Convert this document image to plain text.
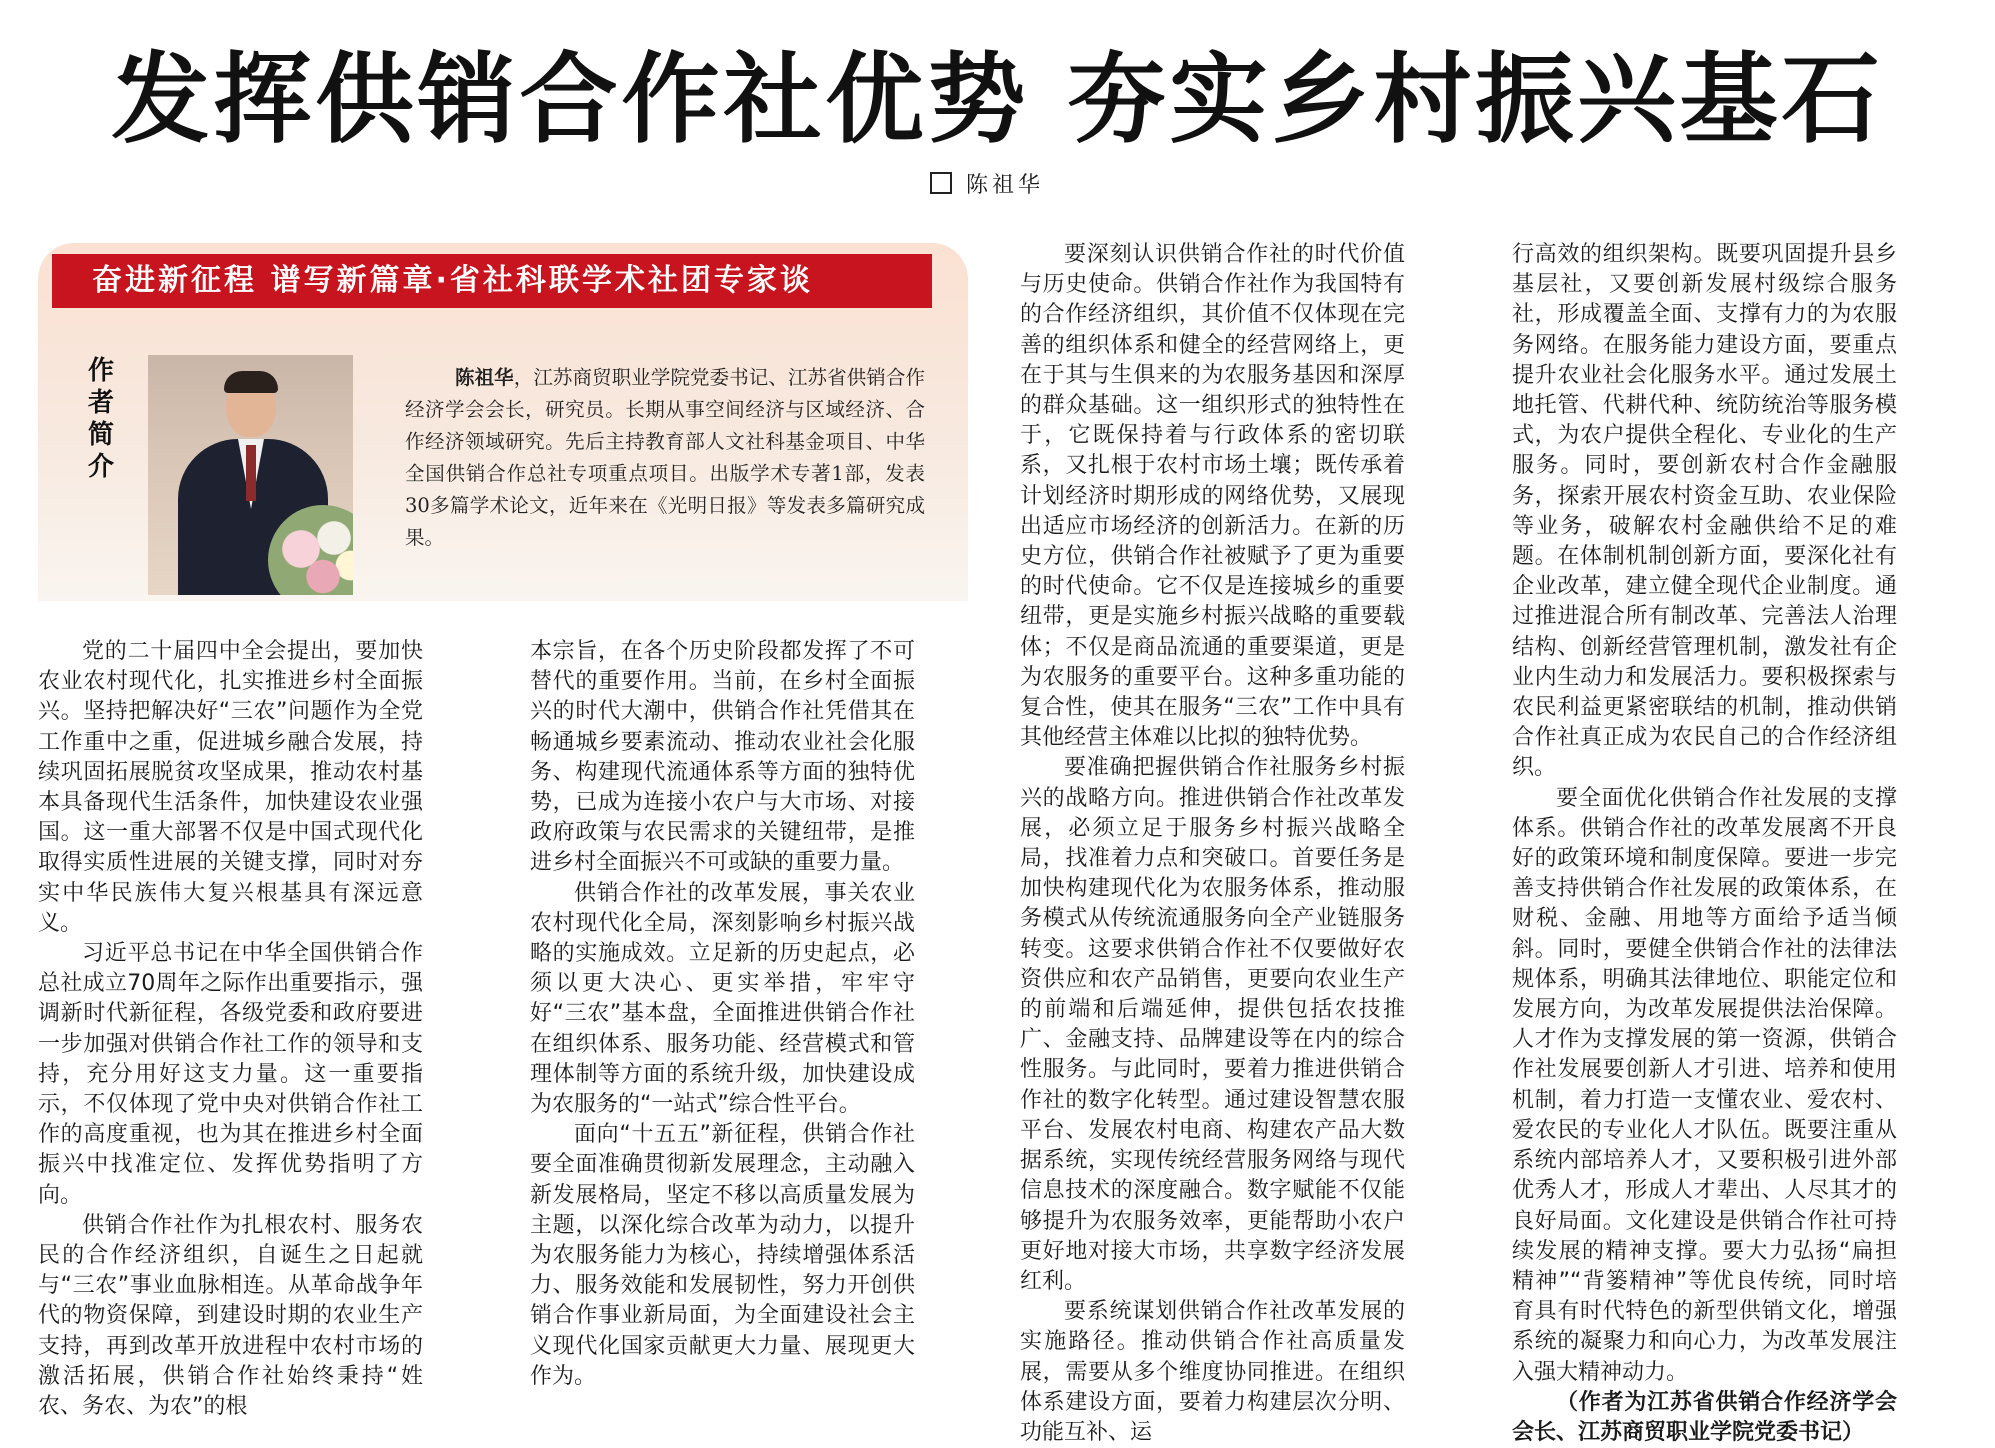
发挥供销合作社优势 夯实乡村振兴基石
陈祖华
奋进新征程 谱写新篇章·省社科联学术社团专家谈
作者简介
陈祖华，江苏商贸职业学院党委书记、江苏省供销合作经济学会会长，研究员。长期从事空间经济与区域经济、合作经济领域研究。先后主持教育部人文社科基金项目、中华全国供销合作总社专项重点项目。出版学术专著1部，发表30多篇学术论文，近年来在《光明日报》等发表多篇研究成果。

党的二十届四中全会提出，要加快农业农村现代化，扎实推进乡村全面振兴。坚持把解决好“三农”问题作为全党工作重中之重，促进城乡融合发展，持续巩固拓展脱贫攻坚成果，推动农村基本具备现代生活条件，加快建设农业强国。这一重大部署不仅是中国式现代化取得实质性进展的关键支撑，同时对夯实中华民族伟大复兴根基具有深远意义。

习近平总书记在中华全国供销合作总社成立70周年之际作出重要指示，强调新时代新征程，各级党委和政府要进一步加强对供销合作社工作的领导和支持，充分用好这支力量。这一重要指示，不仅体现了党中央对供销合作社工作的高度重视，也为其在推进乡村全面振兴中找准定位、发挥优势指明了方向。

供销合作社作为扎根农村、服务农民的合作经济组织，自诞生之日起就与“三农”事业血脉相连。从革命战争年代的物资保障，到建设时期的农业生产支持，再到改革开放进程中农村市场的激活拓展，供销合作社始终秉持“姓农、务农、为农”的根

本宗旨，在各个历史阶段都发挥了不可替代的重要作用。当前，在乡村全面振兴的时代大潮中，供销合作社凭借其在畅通城乡要素流动、推动农业社会化服务、构建现代流通体系等方面的独特优势，已成为连接小农户与大市场、对接政府政策与农民需求的关键纽带，是推进乡村全面振兴不可或缺的重要力量。

供销合作社的改革发展，事关农业农村现代化全局，深刻影响乡村振兴战略的实施成效。立足新的历史起点，必须以更大决心、更实举措，牢牢守好“三农”基本盘，全面推进供销合作社在组织体系、服务功能、经营模式和管理体制等方面的系统升级，加快建设成为农服务的“一站式”综合性平台。

面向“十五五”新征程，供销合作社要全面准确贯彻新发展理念，主动融入新发展格局，坚定不移以高质量发展为主题，以深化综合改革为动力，以提升为农服务能力为核心，持续增强体系活力、服务效能和发展韧性，努力开创供销合作事业新局面，为全面建设社会主义现代化国家贡献更大力量、展现更大作为。

要深刻认识供销合作社的时代价值与历史使命。供销合作社作为我国特有的合作经济组织，其价值不仅体现在完善的组织体系和健全的经营网络上，更在于其与生俱来的为农服务基因和深厚的群众基础。这一组织形式的独特性在于，它既保持着与行政体系的密切联系，又扎根于农村市场土壤；既传承着计划经济时期形成的网络优势，又展现出适应市场经济的创新活力。在新的历史方位，供销合作社被赋予了更为重要的时代使命。它不仅是连接城乡的重要纽带，更是实施乡村振兴战略的重要载体；不仅是商品流通的重要渠道，更是为农服务的重要平台。这种多重功能的复合性，使其在服务“三农”工作中具有其他经营主体难以比拟的独特优势。

要准确把握供销合作社服务乡村振兴的战略方向。推进供销合作社改革发展，必须立足于服务乡村振兴战略全局，找准着力点和突破口。首要任务是加快构建现代化为农服务体系，推动服务模式从传统流通服务向全产业链服务转变。这要求供销合作社不仅要做好农资供应和农产品销售，更要向农业生产的前端和后端延伸，提供包括农技推广、金融支持、品牌建设等在内的综合性服务。与此同时，要着力推进供销合作社的数字化转型。通过建设智慧农服平台、发展农村电商、构建农产品大数据系统，实现传统经营服务网络与现代信息技术的深度融合。数字赋能不仅能够提升为农服务效率，更能帮助小农户更好地对接大市场，共享数字经济发展红利。

要系统谋划供销合作社改革发展的实施路径。推动供销合作社高质量发展，需要从多个维度协同推进。在组织体系建设方面，要着力构建层次分明、功能互补、运

行高效的组织架构。既要巩固提升县乡基层社，又要创新发展村级综合服务社，形成覆盖全面、支撑有力的为农服务网络。在服务能力建设方面，要重点提升农业社会化服务水平。通过发展土地托管、代耕代种、统防统治等服务模式，为农户提供全程化、专业化的生产服务。同时，要创新农村合作金融服务，探索开展农村资金互助、农业保险等业务，破解农村金融供给不足的难题。在体制机制创新方面，要深化社有企业改革，建立健全现代企业制度。通过推进混合所有制改革、完善法人治理结构、创新经营管理机制，激发社有企业内生动力和发展活力。要积极探索与农民利益更紧密联结的机制，推动供销合作社真正成为农民自己的合作经济组织。

要全面优化供销合作社发展的支撑体系。供销合作社的改革发展离不开良好的政策环境和制度保障。要进一步完善支持供销合作社发展的政策体系，在财税、金融、用地等方面给予适当倾斜。同时，要健全供销合作社的法律法规体系，明确其法律地位、职能定位和发展方向，为改革发展提供法治保障。人才作为支撑发展的第一资源，供销合作社发展要创新人才引进、培养和使用机制，着力打造一支懂农业、爱农村、爱农民的专业化人才队伍。既要注重从系统内部培养人才，又要积极引进外部优秀人才，形成人才辈出、人尽其才的良好局面。文化建设是供销合作社可持续发展的精神支撑。要大力弘扬“扁担精神”“背篓精神”等优良传统，同时培育具有时代特色的新型供销文化，增强系统的凝聚力和向心力，为改革发展注入强大精神动力。

（作者为江苏省供销合作经济学会会长、江苏商贸职业学院党委书记）
